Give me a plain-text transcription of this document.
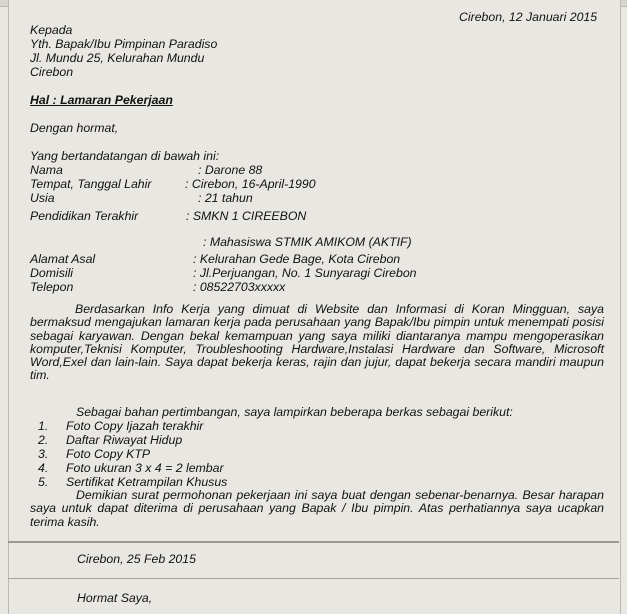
Cirebon, 12 Januari 2015
Kepada
Yth. Bapak/Ibu Pimpinan Paradiso
Jl. Mundu 25, Kelurahan Mundu
Cirebon
Hal : Lamaran Pekerjaan
Dengan hormat,
Yang bertandatangan di bawah ini:
Nama	: Darone 88
Tempat, Tanggal Lahir	: Cirebon, 16-April-1990
Usia	: 21 tahun
Pendidikan Terakhir	: SMKN 1 CIREEBON
: Mahasiswa STMIK AMIKOM (AKTIF)
Alamat Asal	: Kelurahan Gede Bage, Kota Cirebon
Domisili	: Jl.Perjuangan, No. 1 Sunyaragi Cirebon
Telepon	: 08522703xxxxx
Berdasarkan Info Kerja yang dimuat di Website dan Informasi di Koran Mingguan, saya bermaksud mengajukan lamaran kerja pada perusahaan yang Bapak/Ibu pimpin untuk menempati posisi sebagai karyawan. Dengan bekal kemampuan yang saya miliki diantaranya mampu mengoperasikan komputer,Teknisi Komputer, Troubleshooting Hardware,Instalasi Hardware dan Software, Microsoft Word,Exel dan lain-lain. Saya dapat bekerja keras, rajin dan jujur, dapat bekerja secara mandiri maupun tim.
Sebagai bahan pertimbangan, saya lampirkan beberapa berkas sebagai berikut:
1. Foto Copy Ijazah terakhir
2. Daftar Riwayat Hidup
3. Foto Copy KTP
4. Foto ukuran 3 x 4 = 2 lembar
5. Sertifikat Ketrampilan Khusus
Demikian surat permohonan pekerjaan ini saya buat dengan sebenar-benarnya. Besar harapan saya untuk dapat diterima di perusahaan yang Bapak / Ibu pimpin. Atas perhatiannya saya ucapkan terima kasih.
Cirebon, 25 Feb 2015
Hormat Saya,
